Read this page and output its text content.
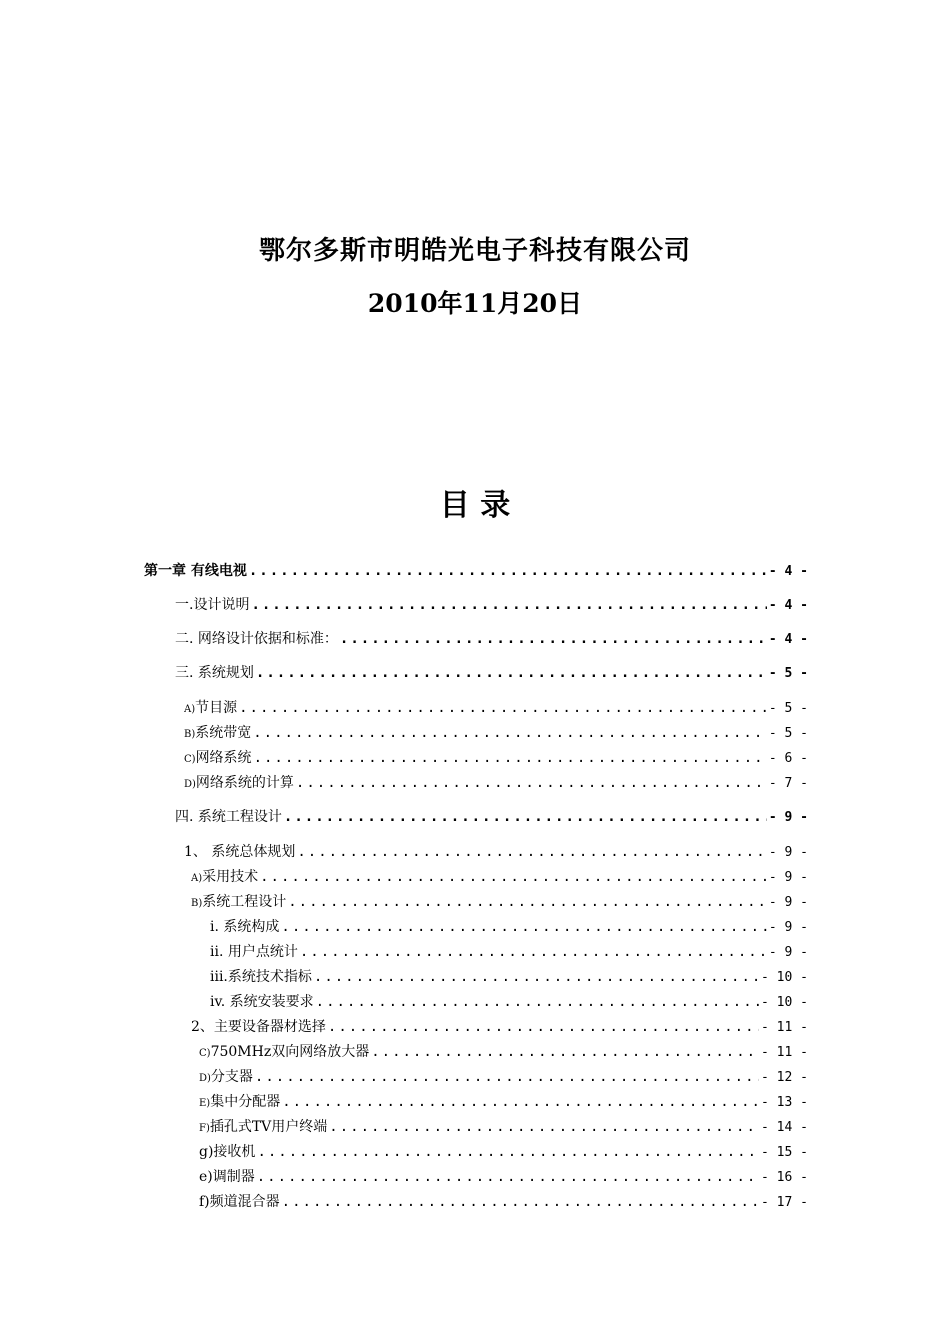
鄂尔多斯市明皓光电子科技有限公司
2010年11月20日
目 录
第一章 有线电视 .....	- 4 -
一.设计说明 .....	- 4 -
二. 网络设计依据和标准： .....	- 4 -
三. 系统规划 .....	- 5 -
A)节目源 .....	- 5 -
B)系统带宽 .....	- 5 -
C)网络系统 .....	- 6 -
D)网络系统的计算 .....	- 7 -
四. 系统工程设计 .....	- 9 -
1、 系统总体规划 .....	- 9 -
A)采用技术 .....	- 9 -
B)系统工程设计 .....	- 9 -
i. 系统构成 .....	- 9 -
ii. 用户点统计 .....	- 9 -
iii.系统技术指标 .....	- 10 -
iv. 系统安装要求 .....	- 10 -
2、主要设备器材选择 .....	- 11 -
C)750MHz双向网络放大器 .....	- 11 -
D)分支器 .....	- 12 -
E)集中分配器 .....	- 13 -
F)插孔式TV用户终端 .....	- 14 -
g)接收机 .....	- 15 -
e)调制器 .....	- 16 -
f)频道混合器 .....	- 17 -
